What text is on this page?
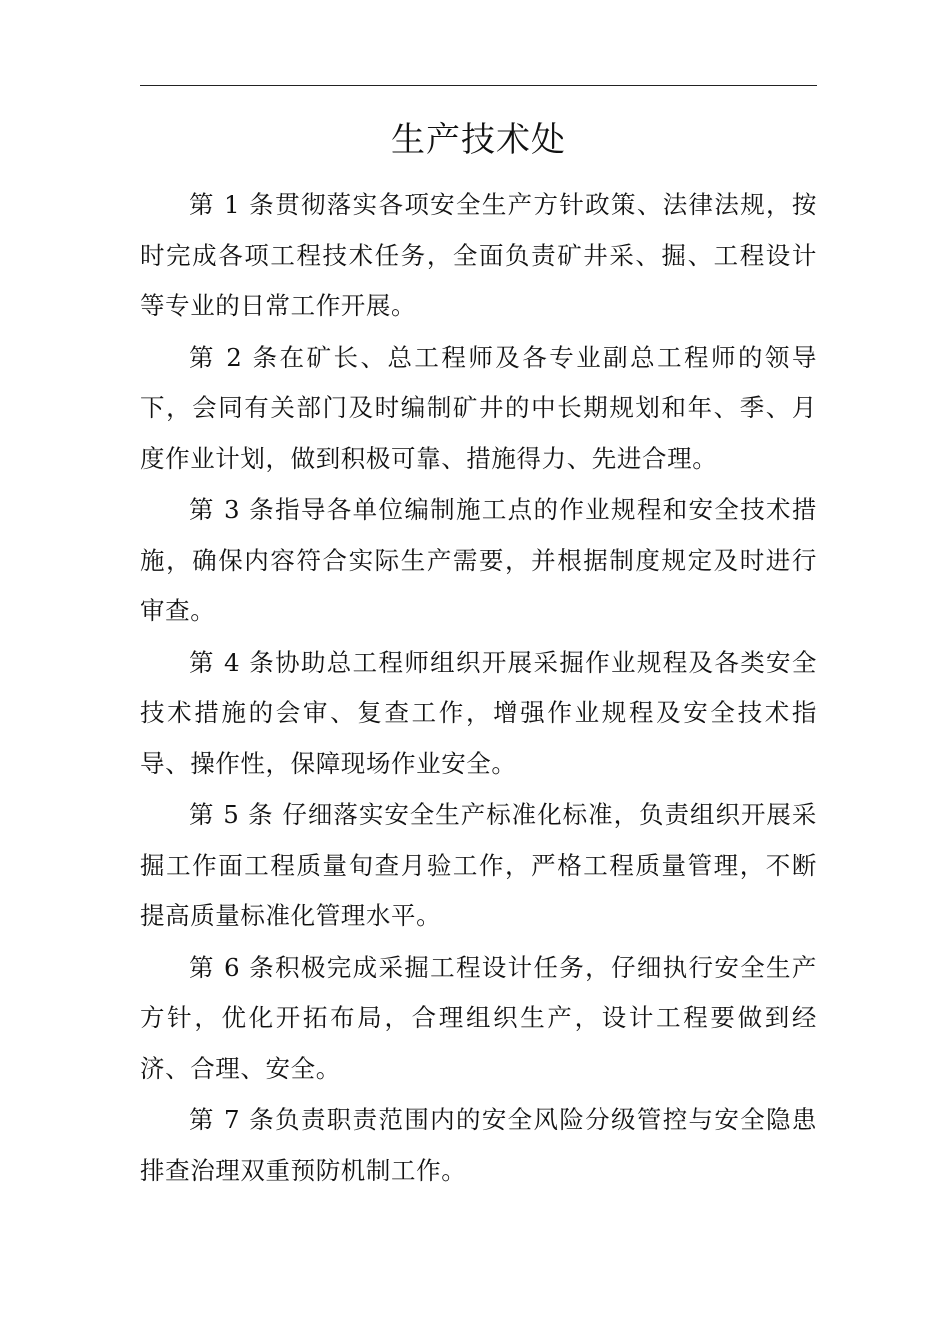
生产技术处

第 1 条贯彻落实各项安全生产方针政策、法律法规，按时完成各项工程技术任务，全面负责矿井采、掘、工程设计等专业的日常工作开展。

第 2 条在矿长、总工程师及各专业副总工程师的领导下，会同有关部门及时编制矿井的中长期规划和年、季、月度作业计划，做到积极可靠、措施得力、先进合理。

第 3 条指导各单位编制施工点的作业规程和安全技术措施，确保内容符合实际生产需要，并根据制度规定及时进行审查。

第 4 条协助总工程师组织开展采掘作业规程及各类安全技术措施的会审、复查工作，增强作业规程及安全技术指导、操作性，保障现场作业安全。

第 5 条 仔细落实安全生产标准化标准，负责组织开展采掘工作面工程质量旬查月验工作，严格工程质量管理，不断提高质量标准化管理水平。

第 6 条积极完成采掘工程设计任务，仔细执行安全生产方针，优化开拓布局，合理组织生产，设计工程要做到经济、合理、安全。

第 7 条负责职责范围内的安全风险分级管控与安全隐患排查治理双重预防机制工作。
